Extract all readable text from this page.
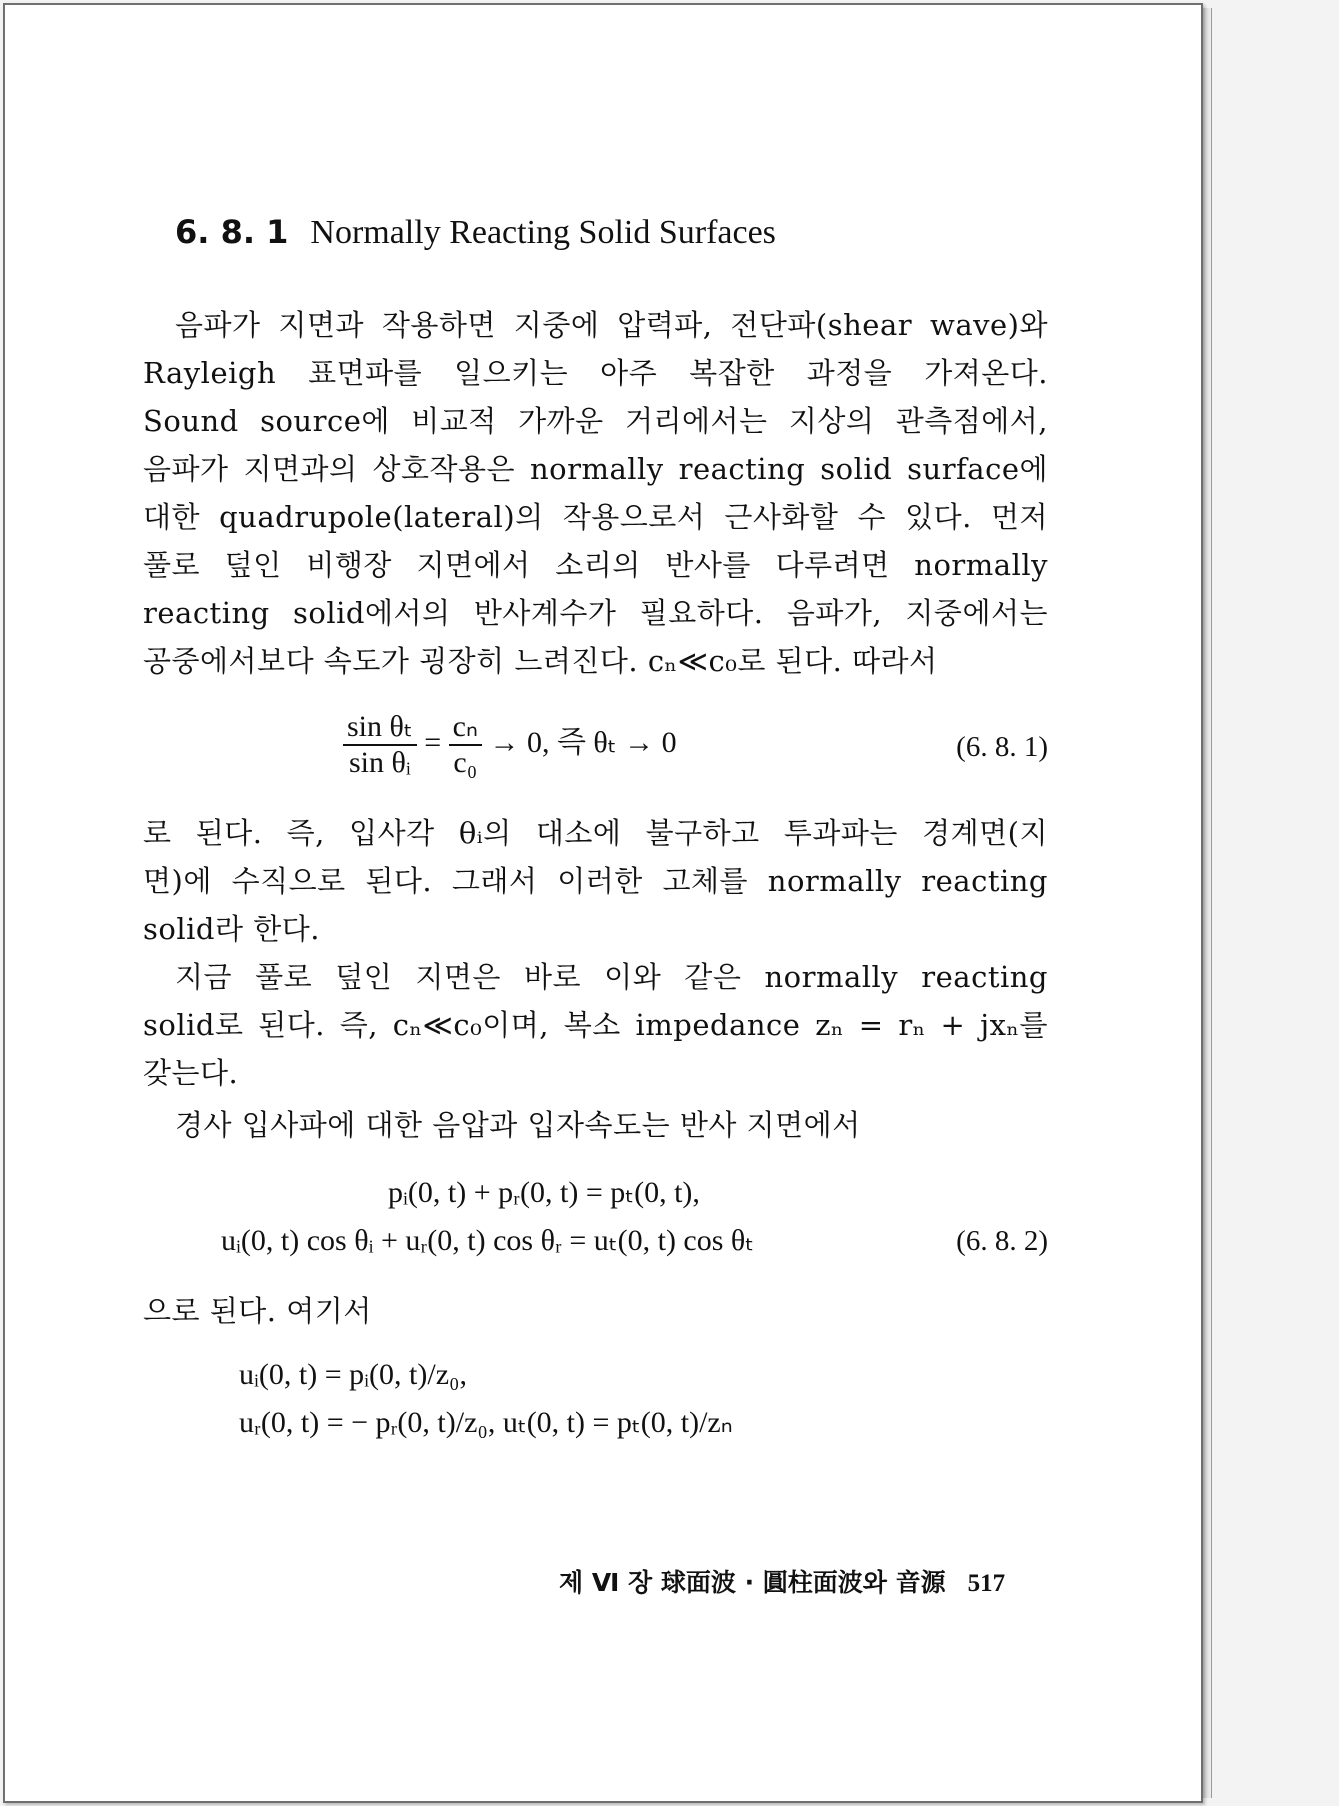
6. 8. 1 Normally Reacting Solid Surfaces
음파가 지면과 작용하면 지중에 압력파, 전단파(shear wave)와
Rayleigh 표면파를 일으키는 아주 복잡한 과정을 가져온다.
Sound source에 비교적 가까운 거리에서는 지상의 관측점에서,
음파가 지면과의 상호작용은 normally reacting solid surface에
대한 quadrupole(lateral)의 작용으로서 근사화할 수 있다. 먼저
풀로 덮인 비행장 지면에서 소리의 반사를 다루려면 normally
reacting solid에서의 반사계수가 필요하다. 음파가, 지중에서는
공중에서보다 속도가 굉장히 느려진다. cₙ≪c₀로 된다. 따라서
$\frac{\text{sin θₜ}}{\text{sin θᵢ}} = \frac{\text{cₙ}}{\text{c₀}} \to 0$, 즉 θₜ → 0	(6. 8. 1)
로 된다. 즉, 입사각 θᵢ의 대소에 불구하고 투과파는 경계면(지
면)에 수직으로 된다. 그래서 이러한 고체를 normally reacting
solid라 한다.
지금 풀로 덮인 지면은 바로 이와 같은 normally reacting
solid로 된다. 즉, cₙ≪c₀이며, 복소 impedance zₙ = rₙ + jxₙ를
갖는다.
경사 입사파에 대한 음압과 입자속도는 반사 지면에서
pᵢ(0, t) + pᵣ(0, t) = pₜ(0, t),
uᵢ(0, t) cos θᵢ + uᵣ(0, t) cos θᵣ = uₜ(0, t) cos θₜ	(6. 8. 2)
으로 된다. 여기서
uᵢ(0, t) = pᵢ(0, t)/z₀,
uᵣ(0, t) = − pᵣ(0, t)/z₀, uₜ(0, t) = pₜ(0, t)/zₙ
제 Ⅵ 장 球面波 · 圓柱面波와 音源 517
